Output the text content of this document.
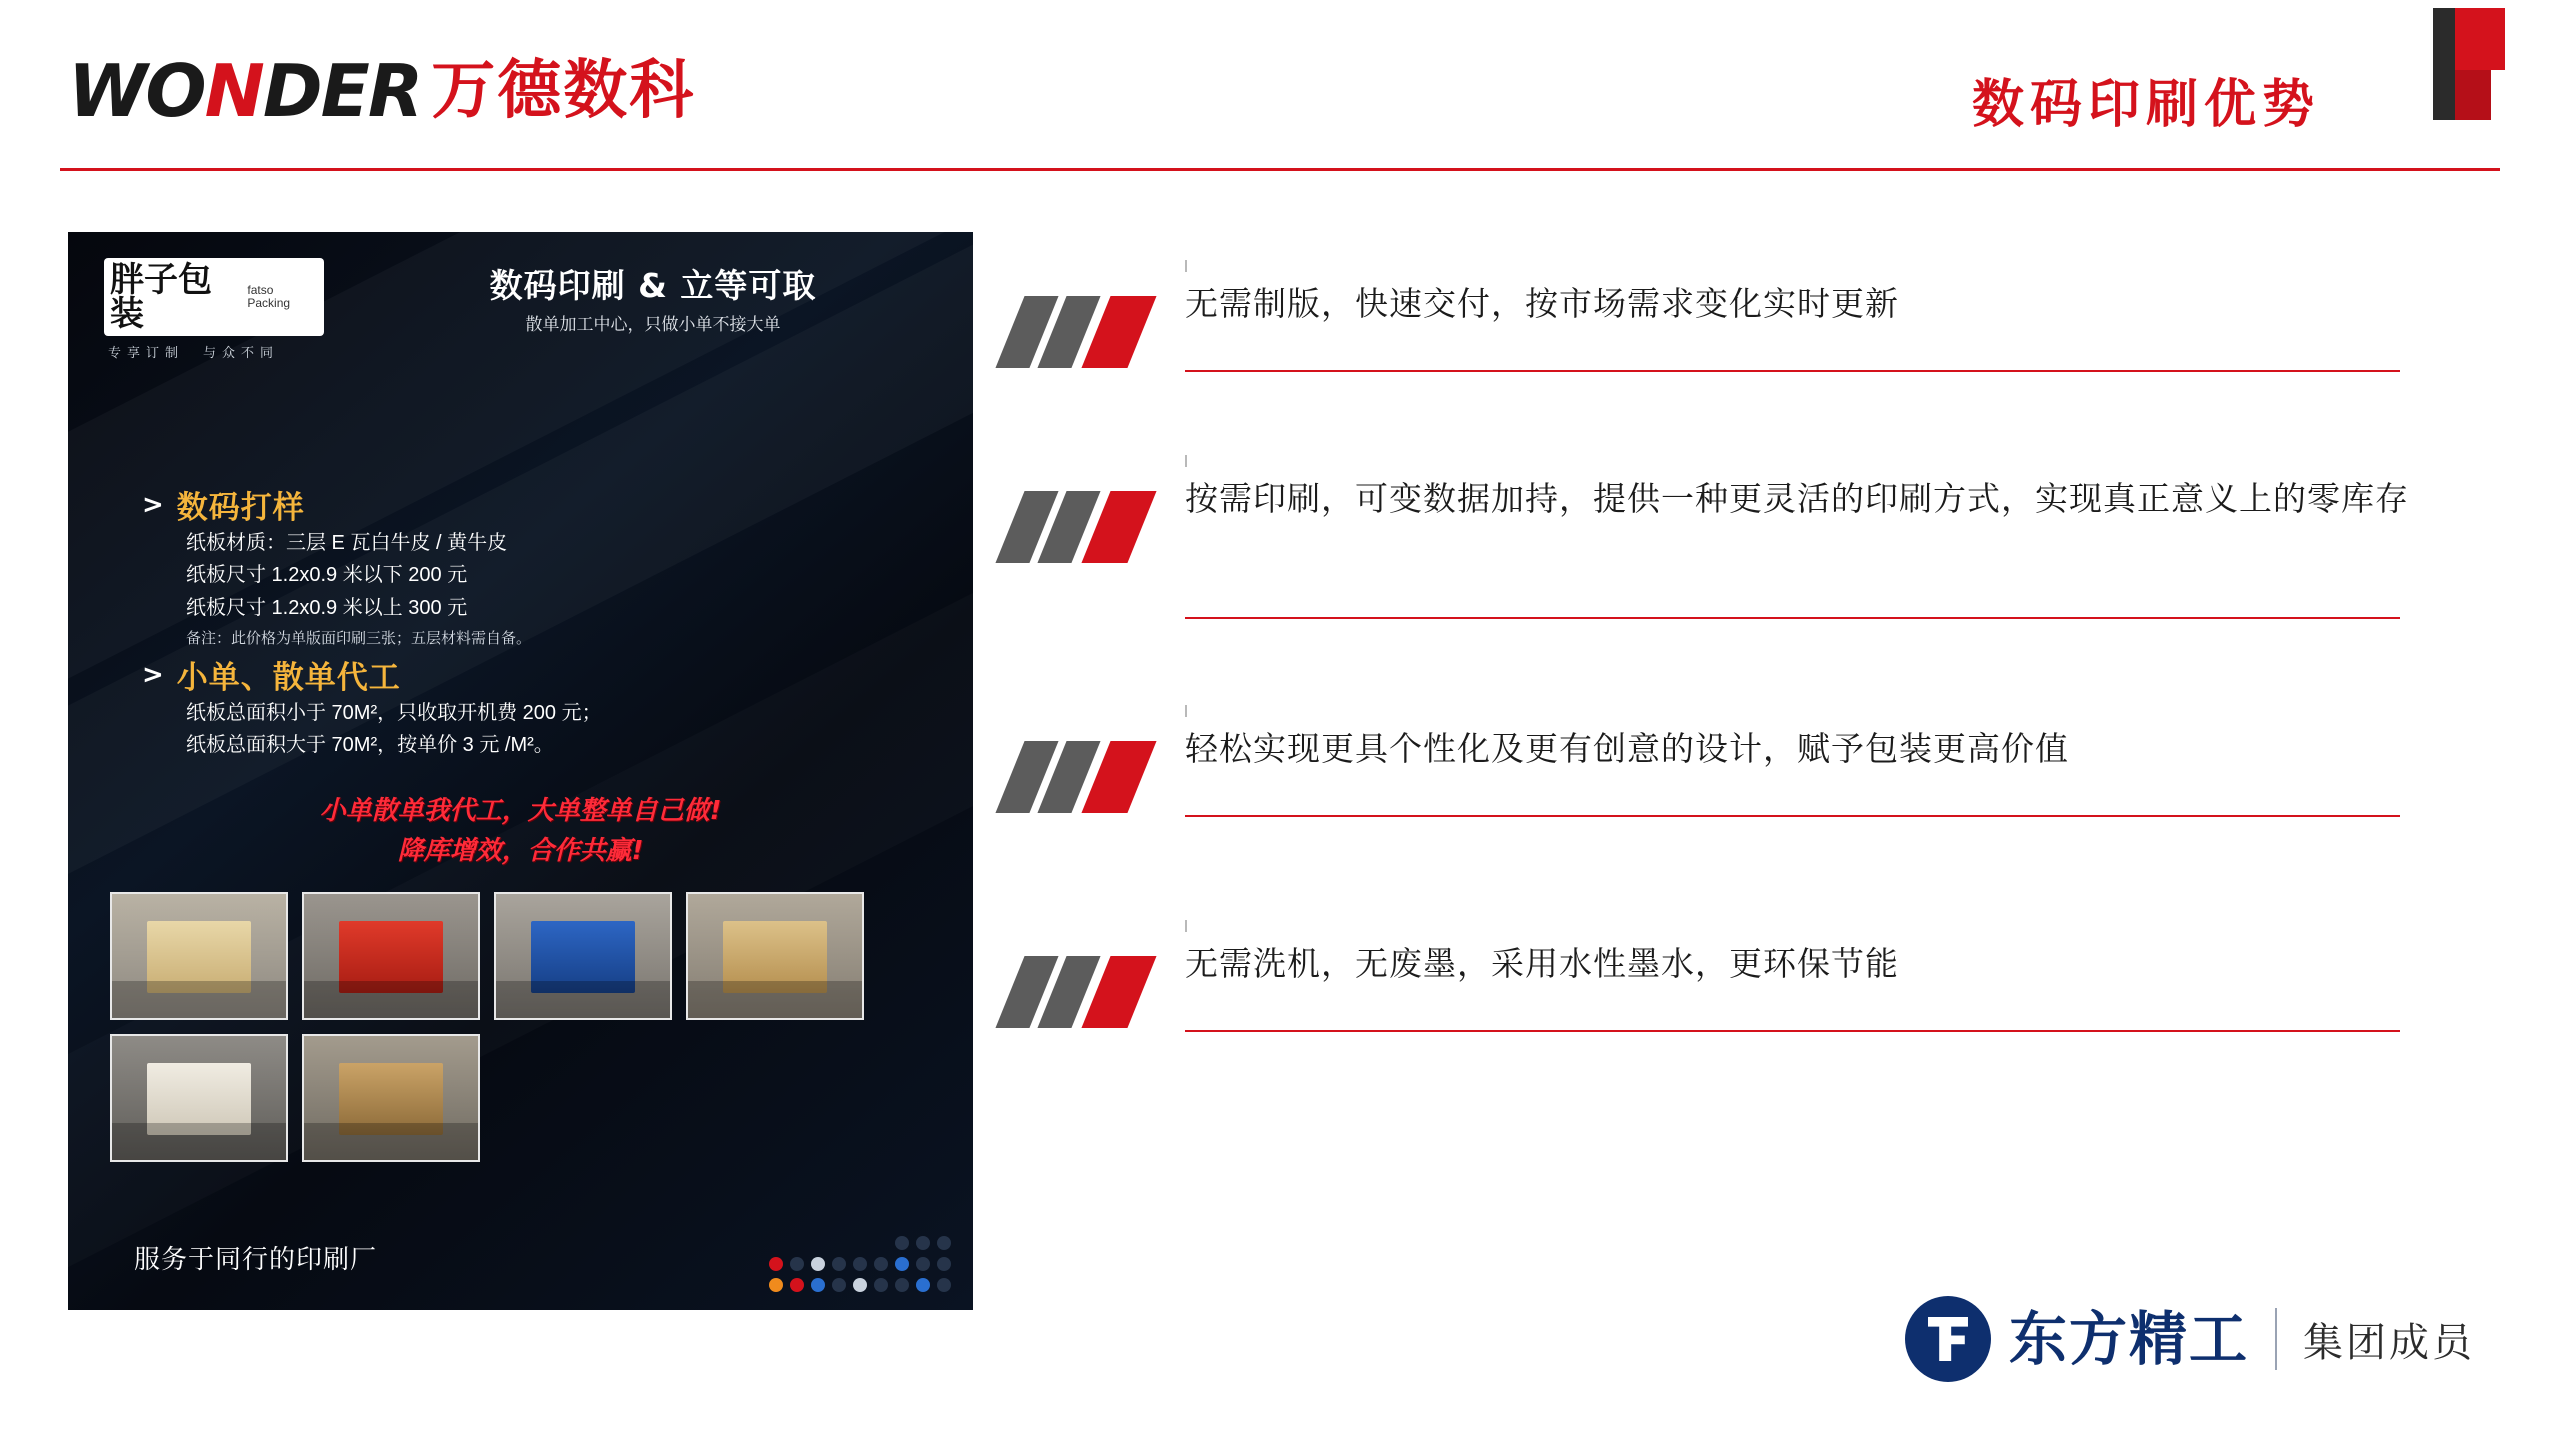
WONDER 万德数科	数码印刷优势
胖子包装
fatso Packing
专享订制　与众不同
数码印刷 & 立等可取
散单加工中心，只做小单不接大单
> 数码打样
纸板材质：三层 E 瓦白牛皮 / 黄牛皮
纸板尺寸 1.2x0.9 米以下 200 元
纸板尺寸 1.2x0.9 米以上 300 元
备注：此价格为单版面印刷三张；五层材料需自备。
> 小单、散单代工
纸板总面积小于 70M²，只收取开机费 200 元；
纸板总面积大于 70M²，按单价 3 元 /M²。
小单散单我代工，大单整单自己做!
降库增效，合作共赢!
服务于同行的印刷厂
无需制版，快速交付，按市场需求变化实时更新
按需印刷，可变数据加持，提供一种更灵活的印刷方式，实现真正意义上的零库存
轻松实现更具个性化及更有创意的设计，赋予包装更高价值
无需洗机，无废墨，采用水性墨水，更环保节能
东方精工 集团成员
